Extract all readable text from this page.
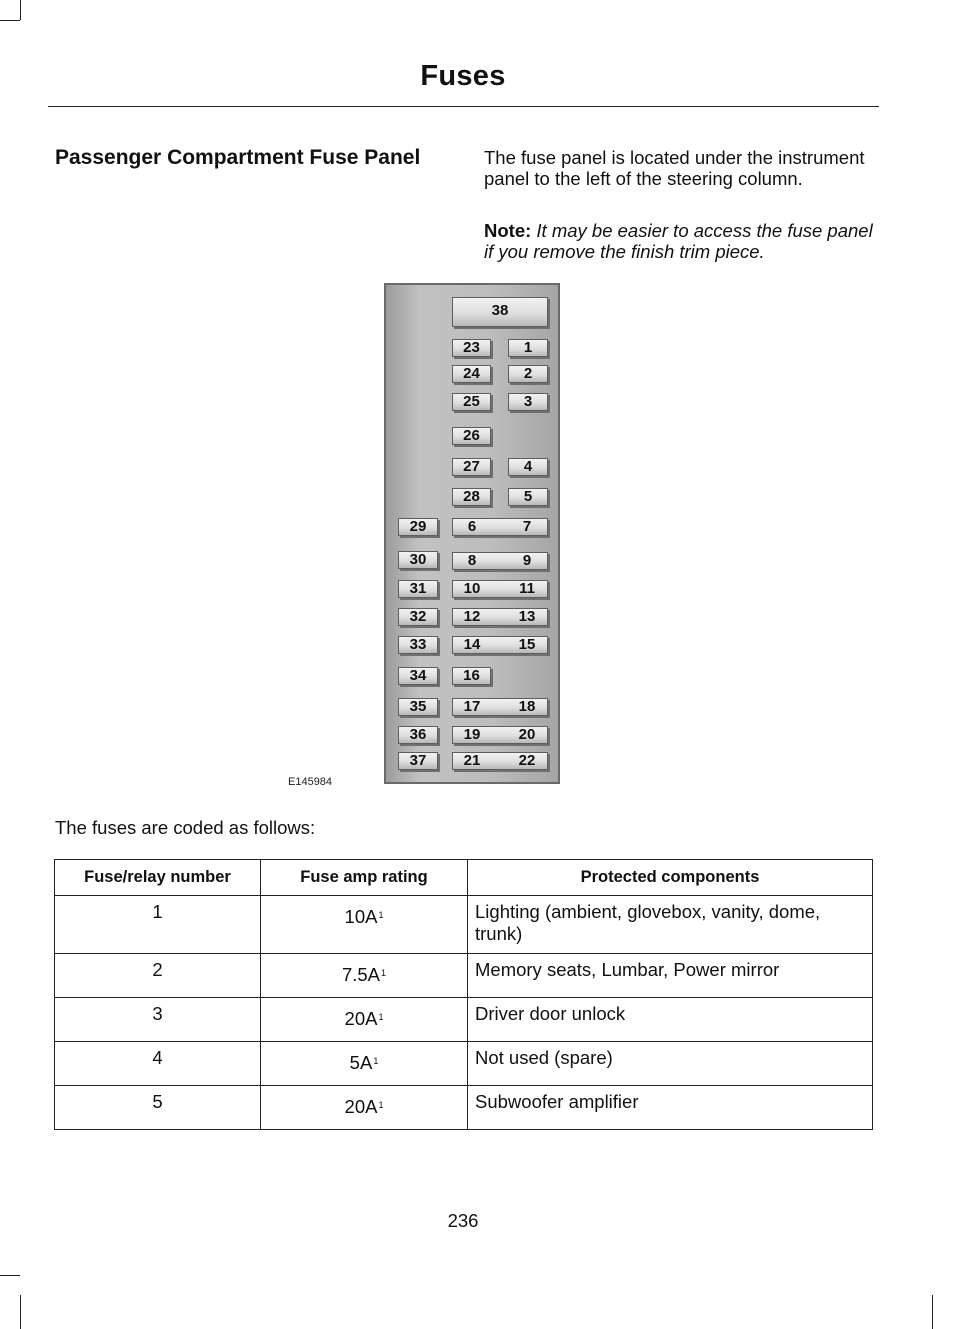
Fuses
Passenger Compartment Fuse Panel	The fuse panel is located under the instrument panel to the left of the steering column.

Note: It may be easier to access the fuse panel if you remove the finish trim piece.

38
23	1
24	2
25	3
26
27	4
28	5
29	6	7
30	8	9
31	10	11
32	12	13
33	14	15
34	16
35	17	18
36	19	20
37	21	22
E145984

The fuses are coded as follows:

Fuse/relay number	Fuse amp rating	Protected components
1	$10A^1$	Lighting (ambient, glovebox, vanity, dome, trunk)
2	$7.5A^1$	Memory seats, Lumbar, Power mirror
3	$20A^1$	Driver door unlock
4	$5A^1$	Not used (spare)
5	$20A^1$	Subwoofer amplifier
236
